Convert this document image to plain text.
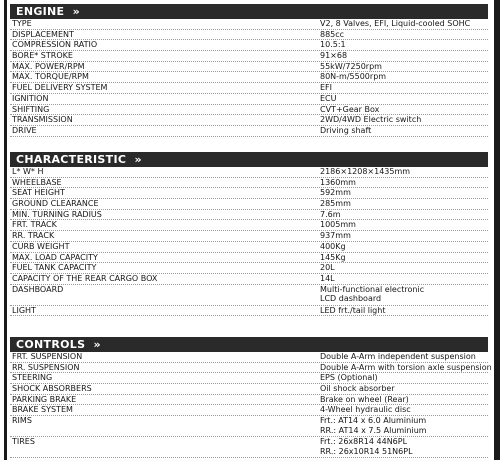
ENGINE  »
TYPE	V2, 8 Valves, EFI, Liquid-cooled SOHC
DISPLACEMENT	885cc
COMPRESSION RATIO	10.5:1
BORE* STROKE	91×68
MAX. POWER/RPM	55kW/7250rpm
MAX. TORQUE/RPM	80N-m/5500rpm
FUEL DELIVERY SYSTEM	EFI
IGNITION	ECU
SHIFTING	CVT+Gear Box
TRANSMISSION	2WD/4WD Electric switch
DRIVE	Driving shaft
CHARACTERISTIC  »
L* W* H	2186×1208×1435mm
WHEELBASE	1360mm
SEAT HEIGHT	592mm
GROUND CLEARANCE	285mm
MIN. TURNING RADIUS	7.6m
FRT. TRACK	1005mm
RR. TRACK	937mm
CURB WEIGHT	400Kg
MAX. LOAD CAPACITY	145Kg
FUEL TANK CAPACITY	20L
CAPACITY OF THE REAR CARGO BOX	14L
DASHBOARD	Multi-functional electronic
LCD dashboard
LIGHT	LED frt./tail light
CONTROLS  »
FRT. SUSPENSION	Double A-Arm independent suspension
RR. SUSPENSION	Double A-Arm with torsion axle suspension
STEERING	EPS (Optional)
SHOCK ABSORBERS	Oil shock absorber
PARKING BRAKE	Brake on wheel (Rear)
BRAKE SYSTEM	4-Wheel hydraulic disc
RIMS	Frt.: AT14 x 6.0 Aluminium
RR.: AT14 x 7.5 Aluminium
TIRES	Frt.: 26x8R14 44N6PL
RR.: 26x10R14 51N6PL
